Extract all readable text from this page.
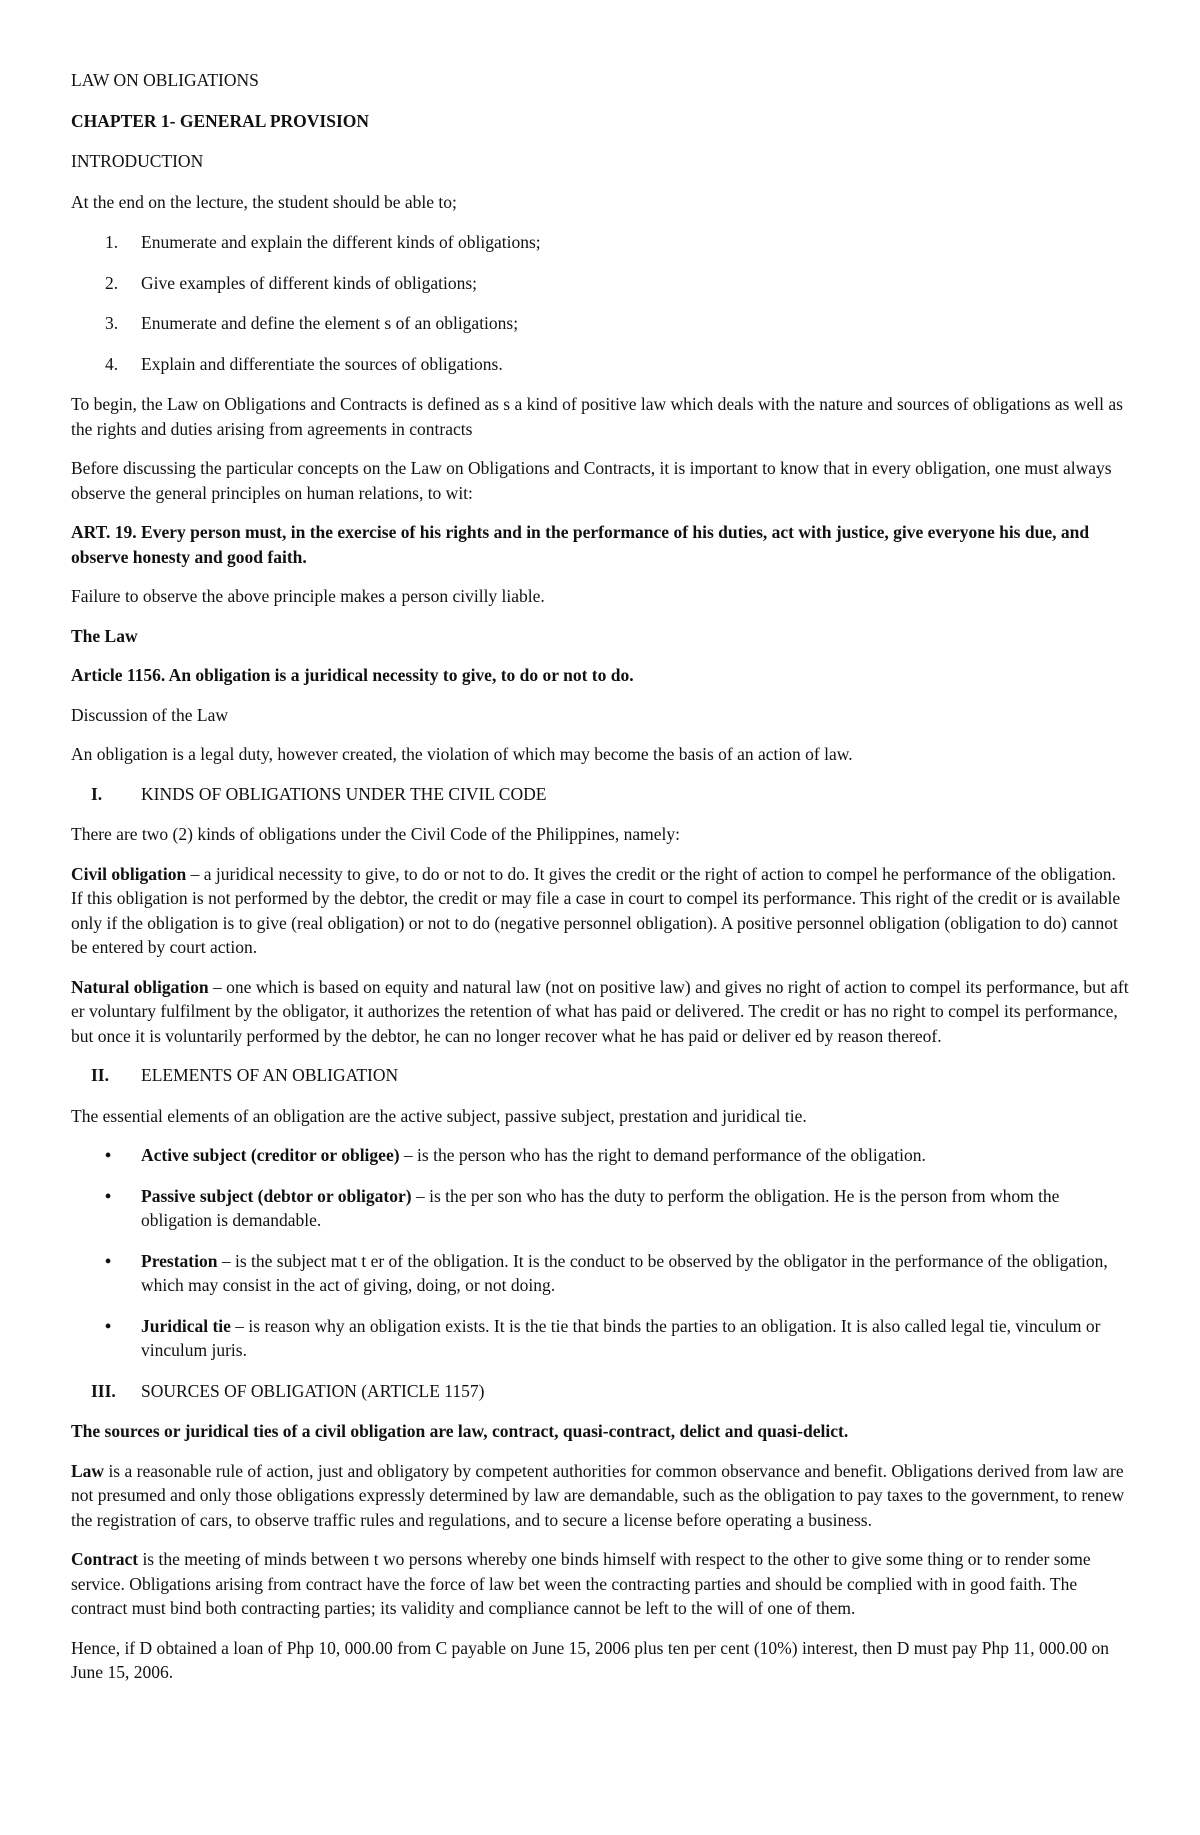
LAW ON OBLIGATIONS

CHAPTER 1- GENERAL PROVISION

INTRODUCTION

At the end on the lecture, the student should be able to;

1. Enumerate and explain the different kinds of obligations;
2. Give examples of different kinds of obligations;
3. Enumerate and define the element s of an obligations;
4. Explain and differentiate the sources of obligations.

To begin, the Law on Obligations and Contracts is defined as s a kind of positive law which deals with the nature and sources of obligations as well as the rights and duties arising from agreements in contracts

Before discussing the particular concepts on the Law on Obligations and Contracts, it is important to know that in every obligation, one must always observe the general principles on human relations, to wit:

ART. 19. Every person must, in the exercise of his rights and in the performance of his duties, act with justice, give everyone his due, and observe honesty and good faith.

Failure to observe the above principle makes a person civilly liable.

The Law

Article 1156. An obligation is a juridical necessity to give, to do or not to do.

Discussion of the Law

An obligation is a legal duty, however created, the violation of which may become the basis of an action of law.

I. KINDS OF OBLIGATIONS UNDER THE CIVIL CODE

There are two (2) kinds of obligations under the Civil Code of the Philippines, namely:

Civil obligation – a juridical necessity to give, to do or not to do. It gives the credit or the right of action to compel he performance of the obligation. If this obligation is not performed by the debtor, the credit or may file a case in court to compel its performance. This right of the credit or is available only if the obligation is to give (real obligation) or not to do (negative personnel obligation). A positive personnel obligation (obligation to do) cannot be entered by court action.

Natural obligation – one which is based on equity and natural law (not on positive law) and gives no right of action to compel its performance, but aft er voluntary fulfilment by the obligator, it authorizes the retention of what has paid or delivered. The credit or has no right to compel its performance, but once it is voluntarily performed by the debtor, he can no longer recover what he has paid or deliver ed by reason thereof.

II. ELEMENTS OF AN OBLIGATION

The essential elements of an obligation are the active subject, passive subject, prestation and juridical tie.

• Active subject (creditor or obligee) – is the person who has the right to demand performance of the obligation.
• Passive subject (debtor or obligator) – is the per son who has the duty to perform the obligation. He is the person from whom the obligation is demandable.
• Prestation – is the subject mat t er of the obligation. It is the conduct to be observed by the obligator in the performance of the obligation, which may consist in the act of giving, doing, or not doing.
• Juridical tie – is reason why an obligation exists. It is the tie that binds the parties to an obligation. It is also called legal tie, vinculum or vinculum juris.

III. SOURCES OF OBLIGATION (ARTICLE 1157)

The sources or juridical ties of a civil obligation are law, contract, quasi-contract, delict and quasi-delict.

Law is a reasonable rule of action, just and obligatory by competent authorities for common observance and benefit. Obligations derived from law are not presumed and only those obligations expressly determined by law are demandable, such as the obligation to pay taxes to the government, to renew the registration of cars, to observe traffic rules and regulations, and to secure a license before operating a business.

Contract is the meeting of minds between t wo persons whereby one binds himself with respect to the other to give some thing or to render some service. Obligations arising from contract have the force of law bet ween the contracting parties and should be complied with in good faith. The contract must bind both contracting parties; its validity and compliance cannot be left to the will of one of them.

Hence, if D obtained a loan of Php 10, 000.00 from C payable on June 15, 2006 plus ten per cent (10%) interest, then D must pay Php 11, 000.00 on June 15, 2006.
